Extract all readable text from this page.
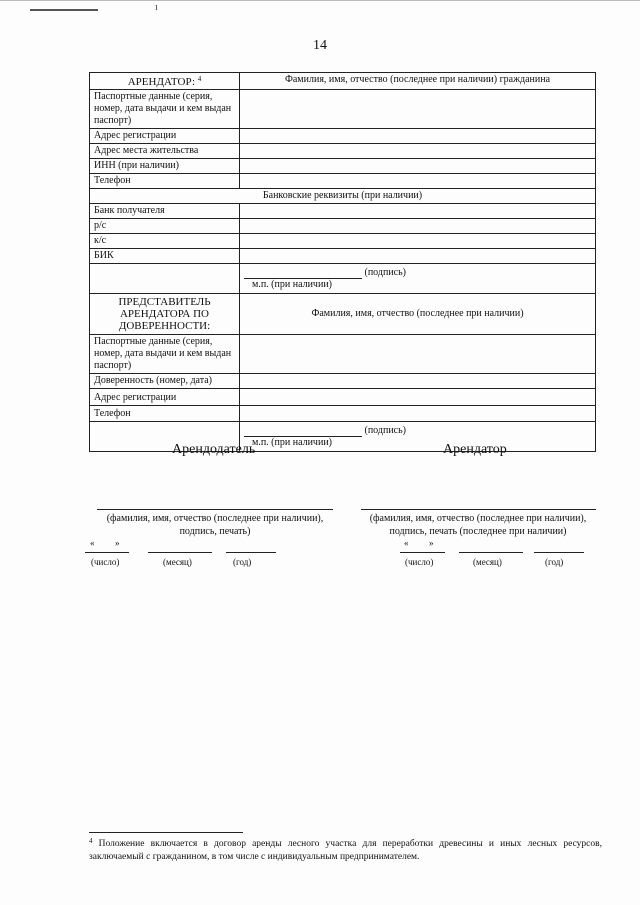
ı
14
АРЕНДАТОР: $^4$	Фамилия, имя, отчество (последнее при наличии) гражданина
Паспортные данные (серия, номер, дата выдачи и кем выдан паспорт)	
Адрес регистрации	
Адрес места жительства	
ИНН (при наличии)	
Телефон	
Банковские реквизиты (при наличии)	
Банк получателя	
р/с	
к/с	
БИК	
	(подпись)
м.п. (при наличии)
ПРЕДСТАВИТЕЛЬ АРЕНДАТОРА ПО ДОВЕРЕННОСТИ:	Фамилия, имя, отчество (последнее при наличии)
Паспортные данные (серия, номер, дата выдачи и кем выдан паспорт)	
Доверенность (номер, дата)	
Адрес регистрации	
Телефон	
	(подпись)
м.п. (при наличии)
Арендодатель	Арендатор
(фамилия, имя, отчество (последнее при наличии),
подпись, печать)
(фамилия, имя, отчество (последнее при наличии),
подпись, печать (последнее при наличии)
« »
(число)	(месяц)	(год)
« »
(число)	(месяц)	(год)
$^4$ Положение включается в договор аренды лесного участка для переработки древесины и иных лесных ресурсов, заключаемый с гражданином, в том числе с индивидуальным предпринимателем.
